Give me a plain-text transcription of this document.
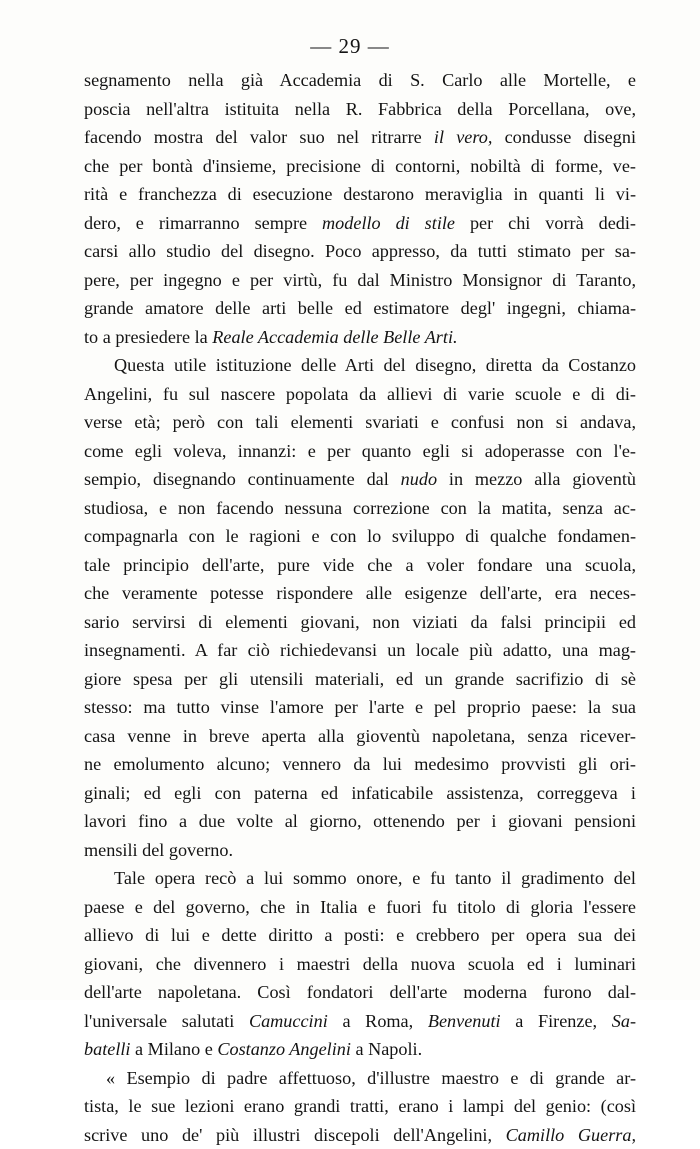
— 29 —
segnamento nella già Accademia di S. Carlo alle Mortelle, e
poscia nell'altra istituita nella R. Fabbrica della Porcellana, ove,
facendo mostra del valor suo nel ritrarre il vero, condusse disegni
che per bontà d'insieme, precisione di contorni, nobiltà di forme, ve-
rità e franchezza di esecuzione destarono meraviglia in quanti li vi-
dero, e rimarranno sempre modello di stile per chi vorrà dedi-
carsi allo studio del disegno. Poco appresso, da tutti stimato per sa-
pere, per ingegno e per virtù, fu dal Ministro Monsignor di Taranto,
grande amatore delle arti belle ed estimatore degl' ingegni, chiama-
to a presiedere la Reale Accademia delle Belle Arti.
Questa utile istituzione delle Arti del disegno, diretta da Costanzo
Angelini, fu sul nascere popolata da allievi di varie scuole e di di-
verse età; però con tali elementi svariati e confusi non si andava,
come egli voleva, innanzi: e per quanto egli si adoperasse con l'e-
sempio, disegnando continuamente dal nudo in mezzo alla gioventù
studiosa, e non facendo nessuna correzione con la matita, senza ac-
compagnarla con le ragioni e con lo sviluppo di qualche fondamen-
tale principio dell'arte, pure vide che a voler fondare una scuola,
che veramente potesse rispondere alle esigenze dell'arte, era neces-
sario servirsi di elementi giovani, non viziati da falsi principii ed
insegnamenti. A far ciò richiedevansi un locale più adatto, una mag-
giore spesa per gli utensili materiali, ed un grande sacrifizio di sè
stesso: ma tutto vinse l'amore per l'arte e pel proprio paese: la sua
casa venne in breve aperta alla gioventù napoletana, senza ricever-
ne emolumento alcuno; vennero da lui medesimo provvisti gli ori-
ginali; ed egli con paterna ed infaticabile assistenza, correggeva i
lavori fino a due volte al giorno, ottenendo per i giovani pensioni
mensili del governo.
Tale opera recò a lui sommo onore, e fu tanto il gradimento del
paese e del governo, che in Italia e fuori fu titolo di gloria l'essere
allievo di lui e dette diritto a posti: e crebbero per opera sua dei
giovani, che divennero i maestri della nuova scuola ed i luminari
dell'arte napoletana. Così fondatori dell'arte moderna furono dal-
l'universale salutati Camuccini a Roma, Benvenuti a Firenze, Sa-
batelli a Milano e Costanzo Angelini a Napoli.
« Esempio di padre affettuoso, d'illustre maestro e di grande ar-
tista, le sue lezioni erano grandi tratti, erano i lampi del genio: (così
scrive uno de' più illustri discepoli dell'Angelini, Camillo Guerra,
